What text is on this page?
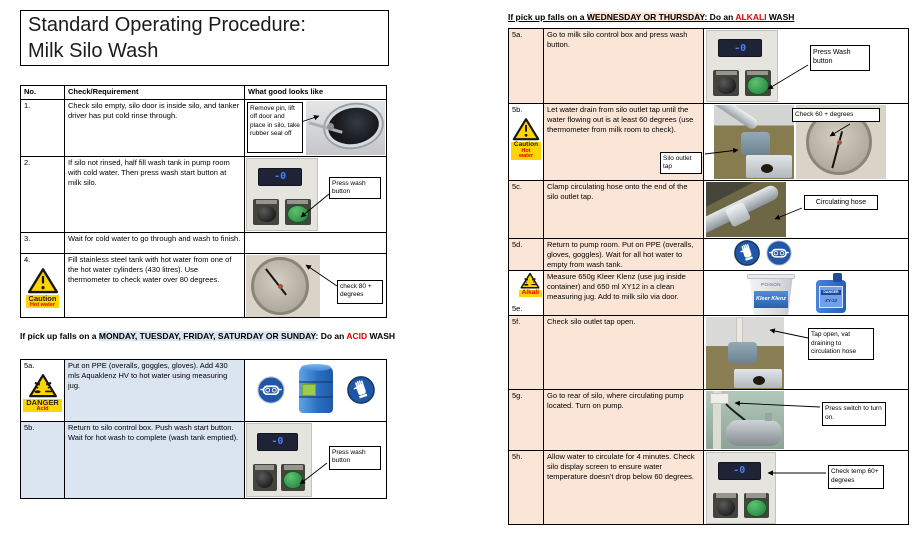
Standard Operating Procedure:
Milk Silo Wash
No.	Check/Requirement	What good looks like
1.	Check silo empty, silo door is inside silo, and tanker driver has put cold rinse through.	Remove pin, lift off door and place in silo, take rubber seal off

2.	If silo not rinsed, half fill wash tank in pump room with cold water. Then press wash start button at milk silo.	-0
Press wash button

3.	Wait for cold water to go through and wash to finish.	
4.
Caution
Hot water	Fill stainless steel tank with hot water from one of the hot water cylinders (430 litres). Use thermometer to check water over 80 degrees.	check 80 + degrees
If pick up falls on a MONDAY, TUESDAY, FRIDAY, SATURDAY OR SUNDAY: Do an ACID WASH
5a.
DANGER
Acid	Put on PPE (overalls, goggles, gloves). Add 430 mls Aquaklenz HV to hot water using measuring jug.	

5b.	Return to silo control box. Push wash start button. Wait for hot wash to complete (wash tank emptied).	-0
Press wash button
If pick up falls on a WEDNESDAY OR THURSDAY: Do an ALKALI WASH
5a.	Go to milk silo control box and press wash button.	-0 Press Wash button

5b.
Caution
Hot water
	Let water drain from silo outlet tap until the water flowing out is at least 60 degrees (use thermometer from milk room to check).
Silo outlet tap

Check 60 + degrees

5c.	Clamp circulating hose onto the end of the silo outlet tap.	Circulating hose

5d.	Return to pump room. Put on PPE (overalls, gloves, goggles). Wait for all hot water to empty from wash tank.	

Alkali
5e.
	Measure 650g Kleer Klenz (use jug inside container) and 650 ml XY12 in a clean measuring jug. Add to milk silo via door.	
POISON
Kleer Klenz
DANGER
XY-12

5f.	Check silo outlet tap open.	Tap open, vat draining to circulation hose

5g.	Go to rear of silo, where circulating pump located. Turn on pump.	Press switch to turn on.

5h.	Allow water to circulate for 4 minutes. Check silo display screen to ensure water temperature doesn't drop below 60 degrees.	-0 Check temp 60+ degrees
